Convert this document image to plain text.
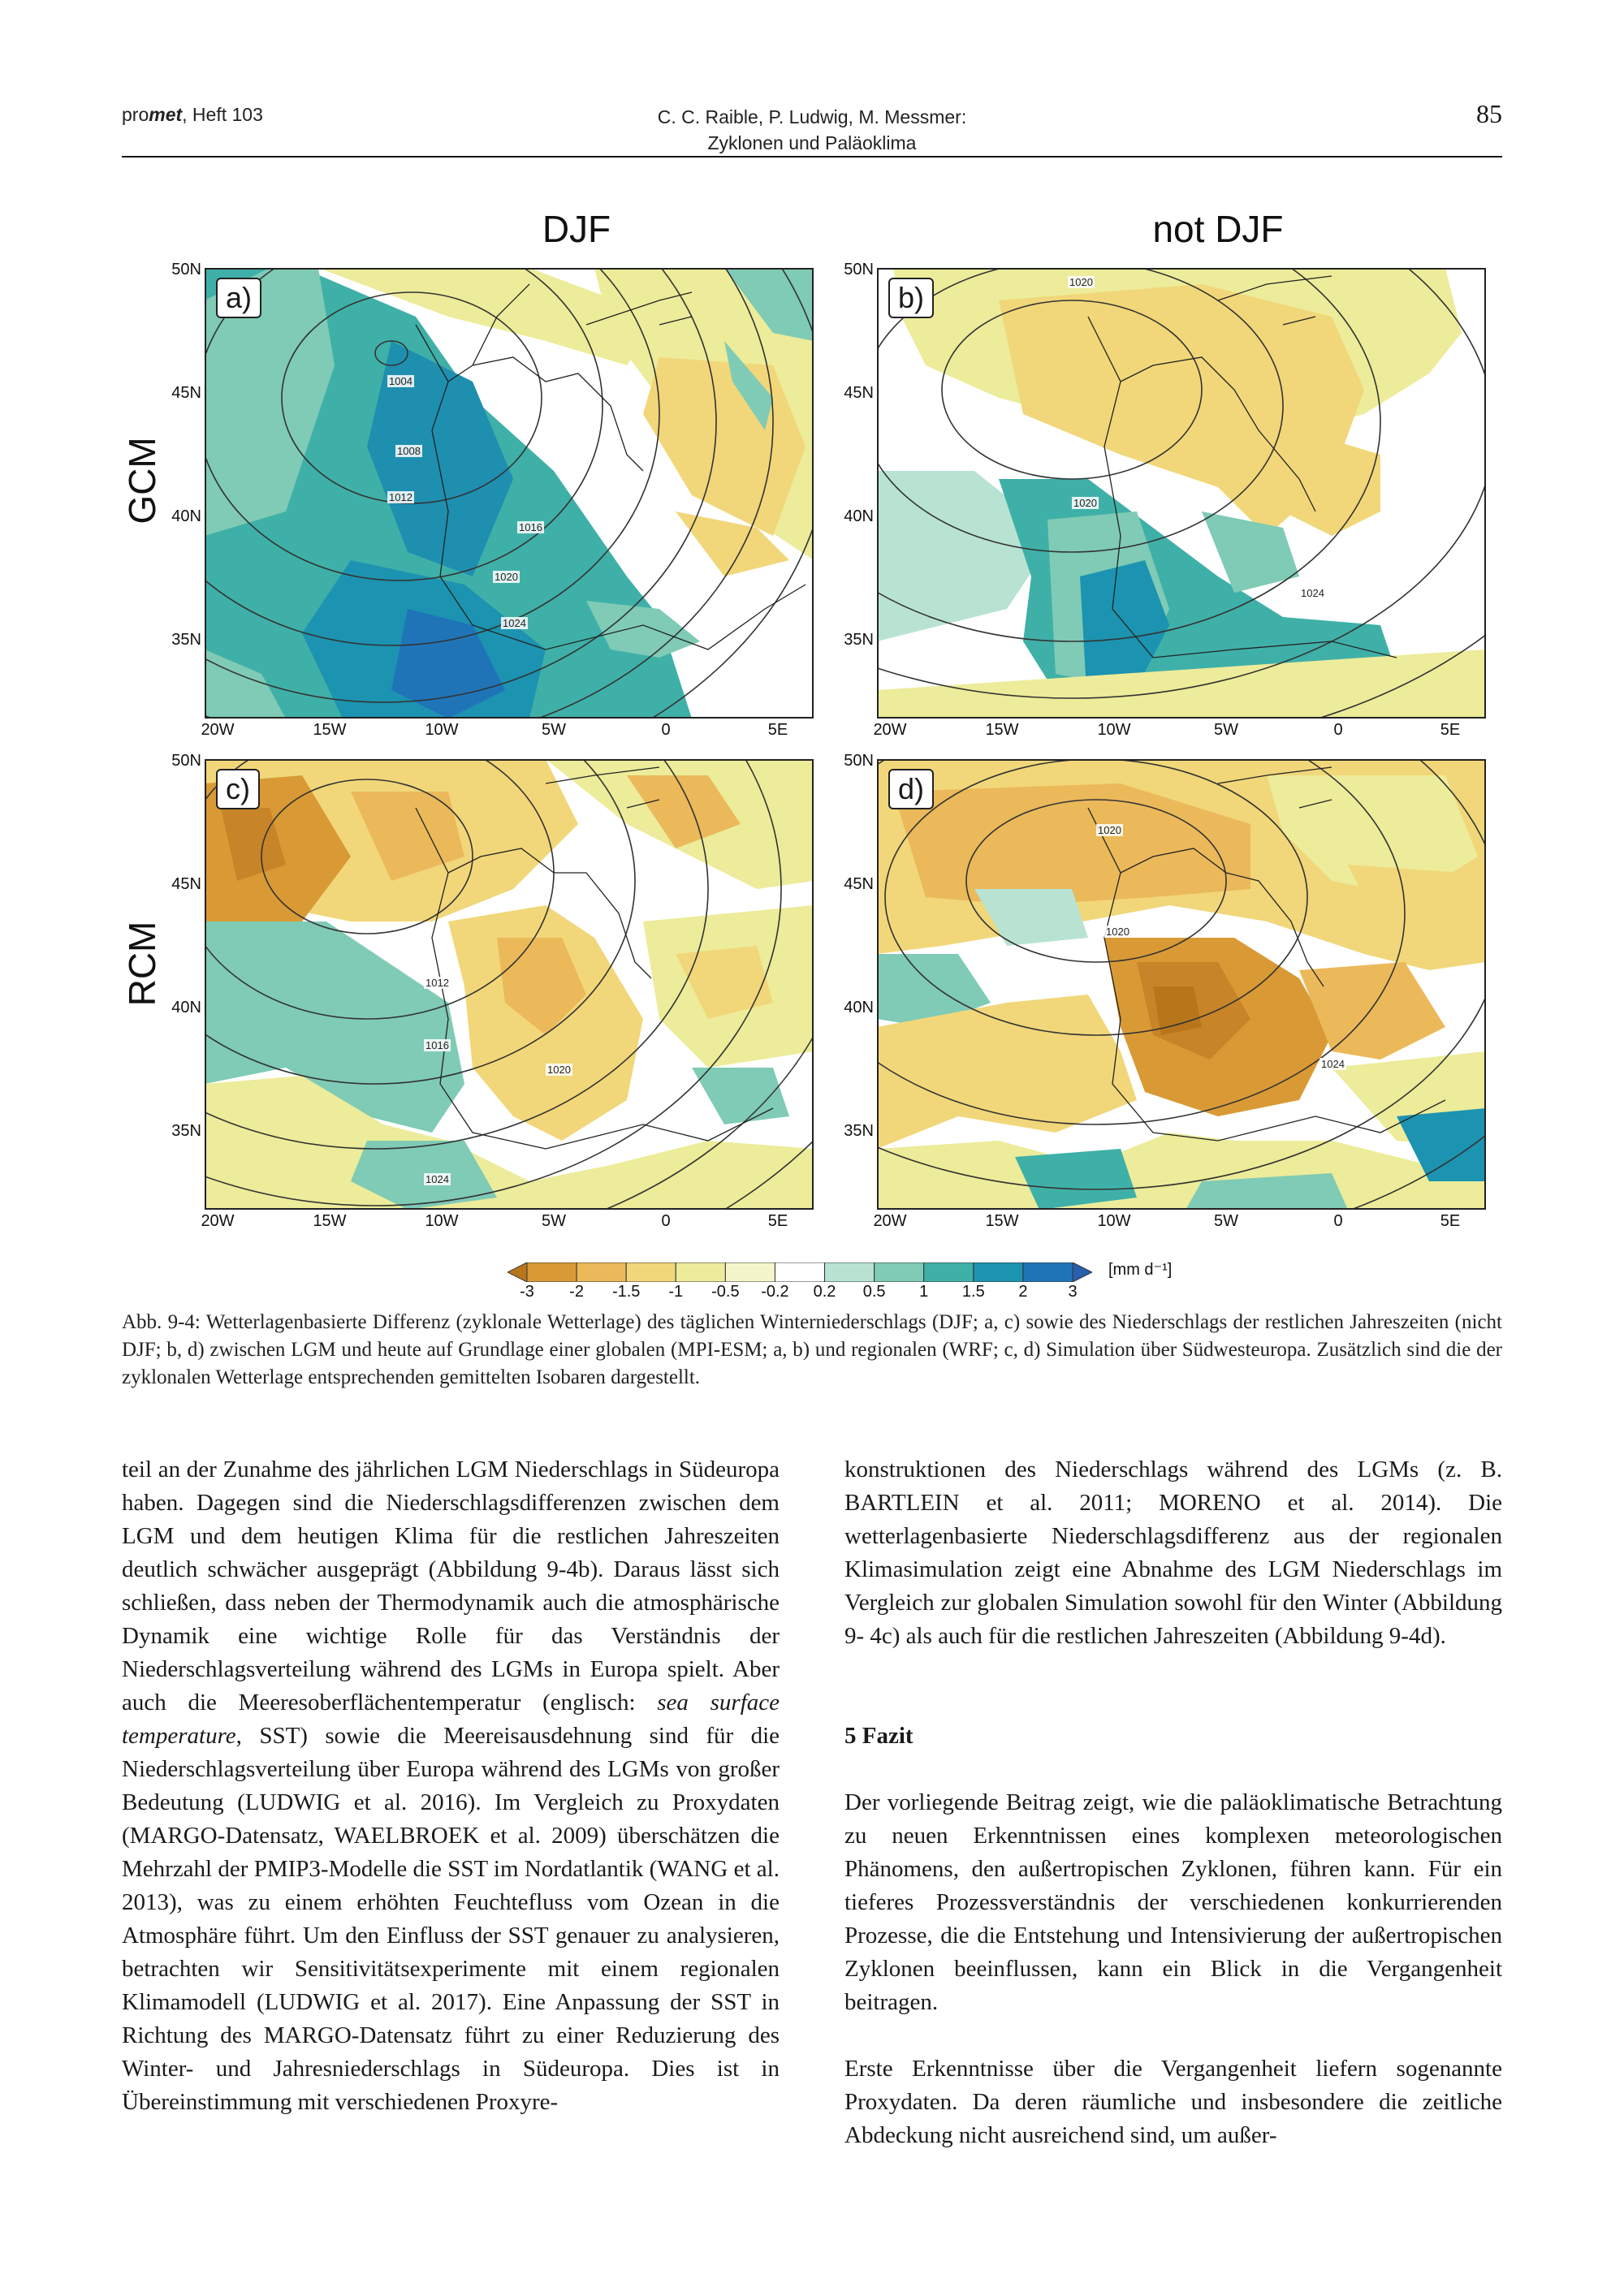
promet, Heft 103	C. C. Raible, P. Ludwig, M. Messmer:
Zyklonen und Paläoklima
85
DJF	not DJF
GCM
RCM
a)
1004
1008
1012
1016
1020
1024
b)	1020
1020
1024
c)
1012
1016
1020
1024
d)
1020
1020
1024
50N
45N
40N
35N
50N
45N
40N
35N
50N
45N
40N
35N
50N
45N
40N
35N
20W	15W	10W	5W	0	5E	20W	15W	10W	5W	0	5E
20W	15W	10W	5W	0	5E	20W	15W	10W	5W	0	5E
[mm d⁻¹]
-3	-2	-1.5	-1	-0.5	-0.2	0.2	0.5	1	1.5	2	3
Abb. 9-4: Wetterlagenbasierte Differenz (zyklonale Wetterlage) des täglichen Winterniederschlags (DJF; a, c) sowie des Niederschlags der restlichen Jahreszeiten (nicht DJF; b, d) zwischen LGM und heute auf Grundlage einer globalen (MPI-ESM; a, b) und regionalen (WRF; c, d) Simulation über Südwesteuropa. Zusätzlich sind die der zyklonalen Wetterlage entsprechenden gemittelten Isobaren dargestellt.

teil an der Zunahme des jährlichen LGM Niederschlags in Südeuropa haben. Dagegen sind die Niederschlagsdifferenzen zwischen dem LGM und dem heutigen Klima für die restlichen Jahreszeiten deutlich schwächer ausgeprägt (Abbildung 9-4b). Daraus lässt sich schließen, dass neben der Thermodynamik auch die atmosphärische Dynamik eine wichtige Rolle für das Verständnis der Niederschlagsverteilung während des LGMs in Europa spielt. Aber auch die Meeresoberflächentemperatur (englisch: sea surface temperature, SST) sowie die Meereisausdehnung sind für die Niederschlagsverteilung über Europa während des LGMs von großer Bedeutung (LUDWIG et al. 2016). Im Vergleich zu Proxydaten (MARGO-Datensatz, WAELBROEK et al. 2009) überschätzen die Mehrzahl der PMIP3-Modelle die SST im Nordatlantik (WANG et al. 2013), was zu einem erhöhten Feuchtefluss vom Ozean in die Atmosphäre führt. Um den Einfluss der SST genauer zu analysieren, betrachten wir Sensitivitätsexperimente mit einem regionalen Klimamodell (LUDWIG et al. 2017). Eine Anpassung der SST in Richtung des MARGO-Datensatz führt zu einer Reduzierung des Winter- und Jahresniederschlags in Südeuropa. Dies ist in Übereinstimmung mit verschiedenen Proxyre-

konstruktionen des Niederschlags während des LGMs (z. B. BARTLEIN et al. 2011; MORENO et al. 2014). Die wetterlagenbasierte Niederschlagsdifferenz aus der regionalen Klimasimulation zeigt eine Abnahme des LGM Niederschlags im Vergleich zur globalen Simulation sowohl für den Winter (Abbildung 9- 4c) als auch für die restlichen Jahreszeiten (Abbildung 9-4d).

5 Fazit

Der vorliegende Beitrag zeigt, wie die paläoklimatische Betrachtung zu neuen Erkenntnissen eines komplexen meteorologischen Phänomens, den außertropischen Zyklonen, führen kann. Für ein tieferes Prozessverständnis der verschiedenen konkurrierenden Prozesse, die die Entstehung und Intensivierung der außertropischen Zyklonen beeinflussen, kann ein Blick in die Vergangenheit beitragen.

Erste Erkenntnisse über die Vergangenheit liefern sogenannte Proxydaten. Da deren räumliche und insbesondere die zeitliche Abdeckung nicht ausreichend sind, um außer-
